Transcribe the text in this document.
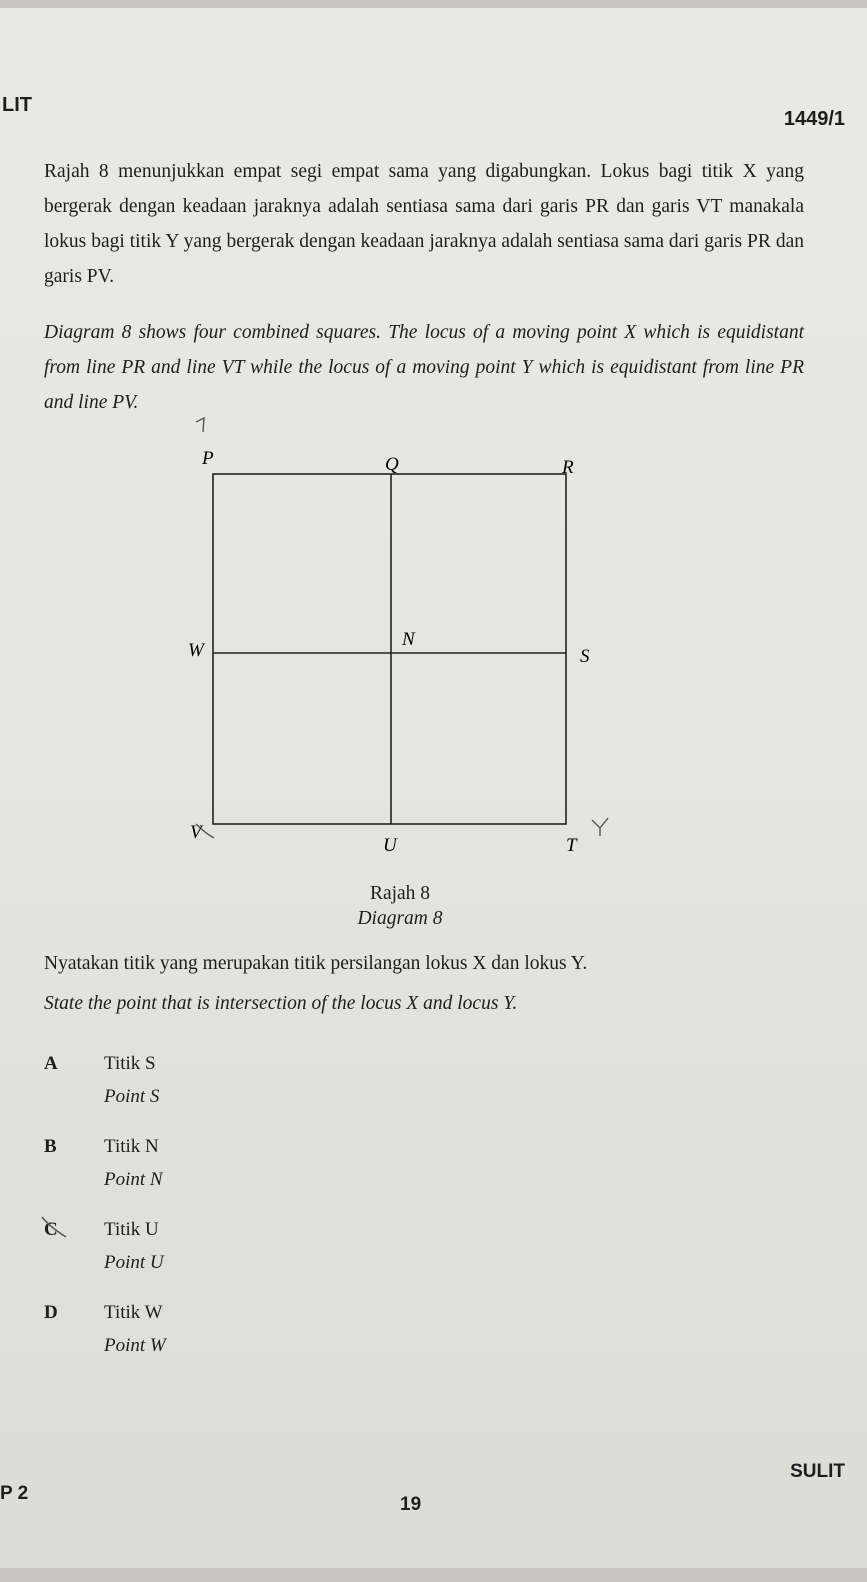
LIT
1449/1
Rajah 8 menunjukkan empat segi empat sama yang digabungkan. Lokus bagi titik X yang bergerak dengan keadaan jaraknya adalah sentiasa sama dari garis PR dan garis VT manakala lokus bagi titik Y yang bergerak dengan keadaan jaraknya adalah sentiasa sama dari garis PR dan garis PV.
Diagram 8 shows four combined squares. The locus of a moving point X which is equidistant from line PR and line VT while the locus of a moving point Y which is equidistant from line PR and line PV.
P	Q	R
W
N
S
V
U	T
Rajah 8
Diagram 8
Nyatakan titik yang merupakan titik persilangan lokus X dan lokus Y.
State the point that is intersection of the locus X and locus Y.
A Titik S
Point S
B Titik N
Point N
C Titik U
Point U
D Titik W
Point W
SULIT
P 2
19
